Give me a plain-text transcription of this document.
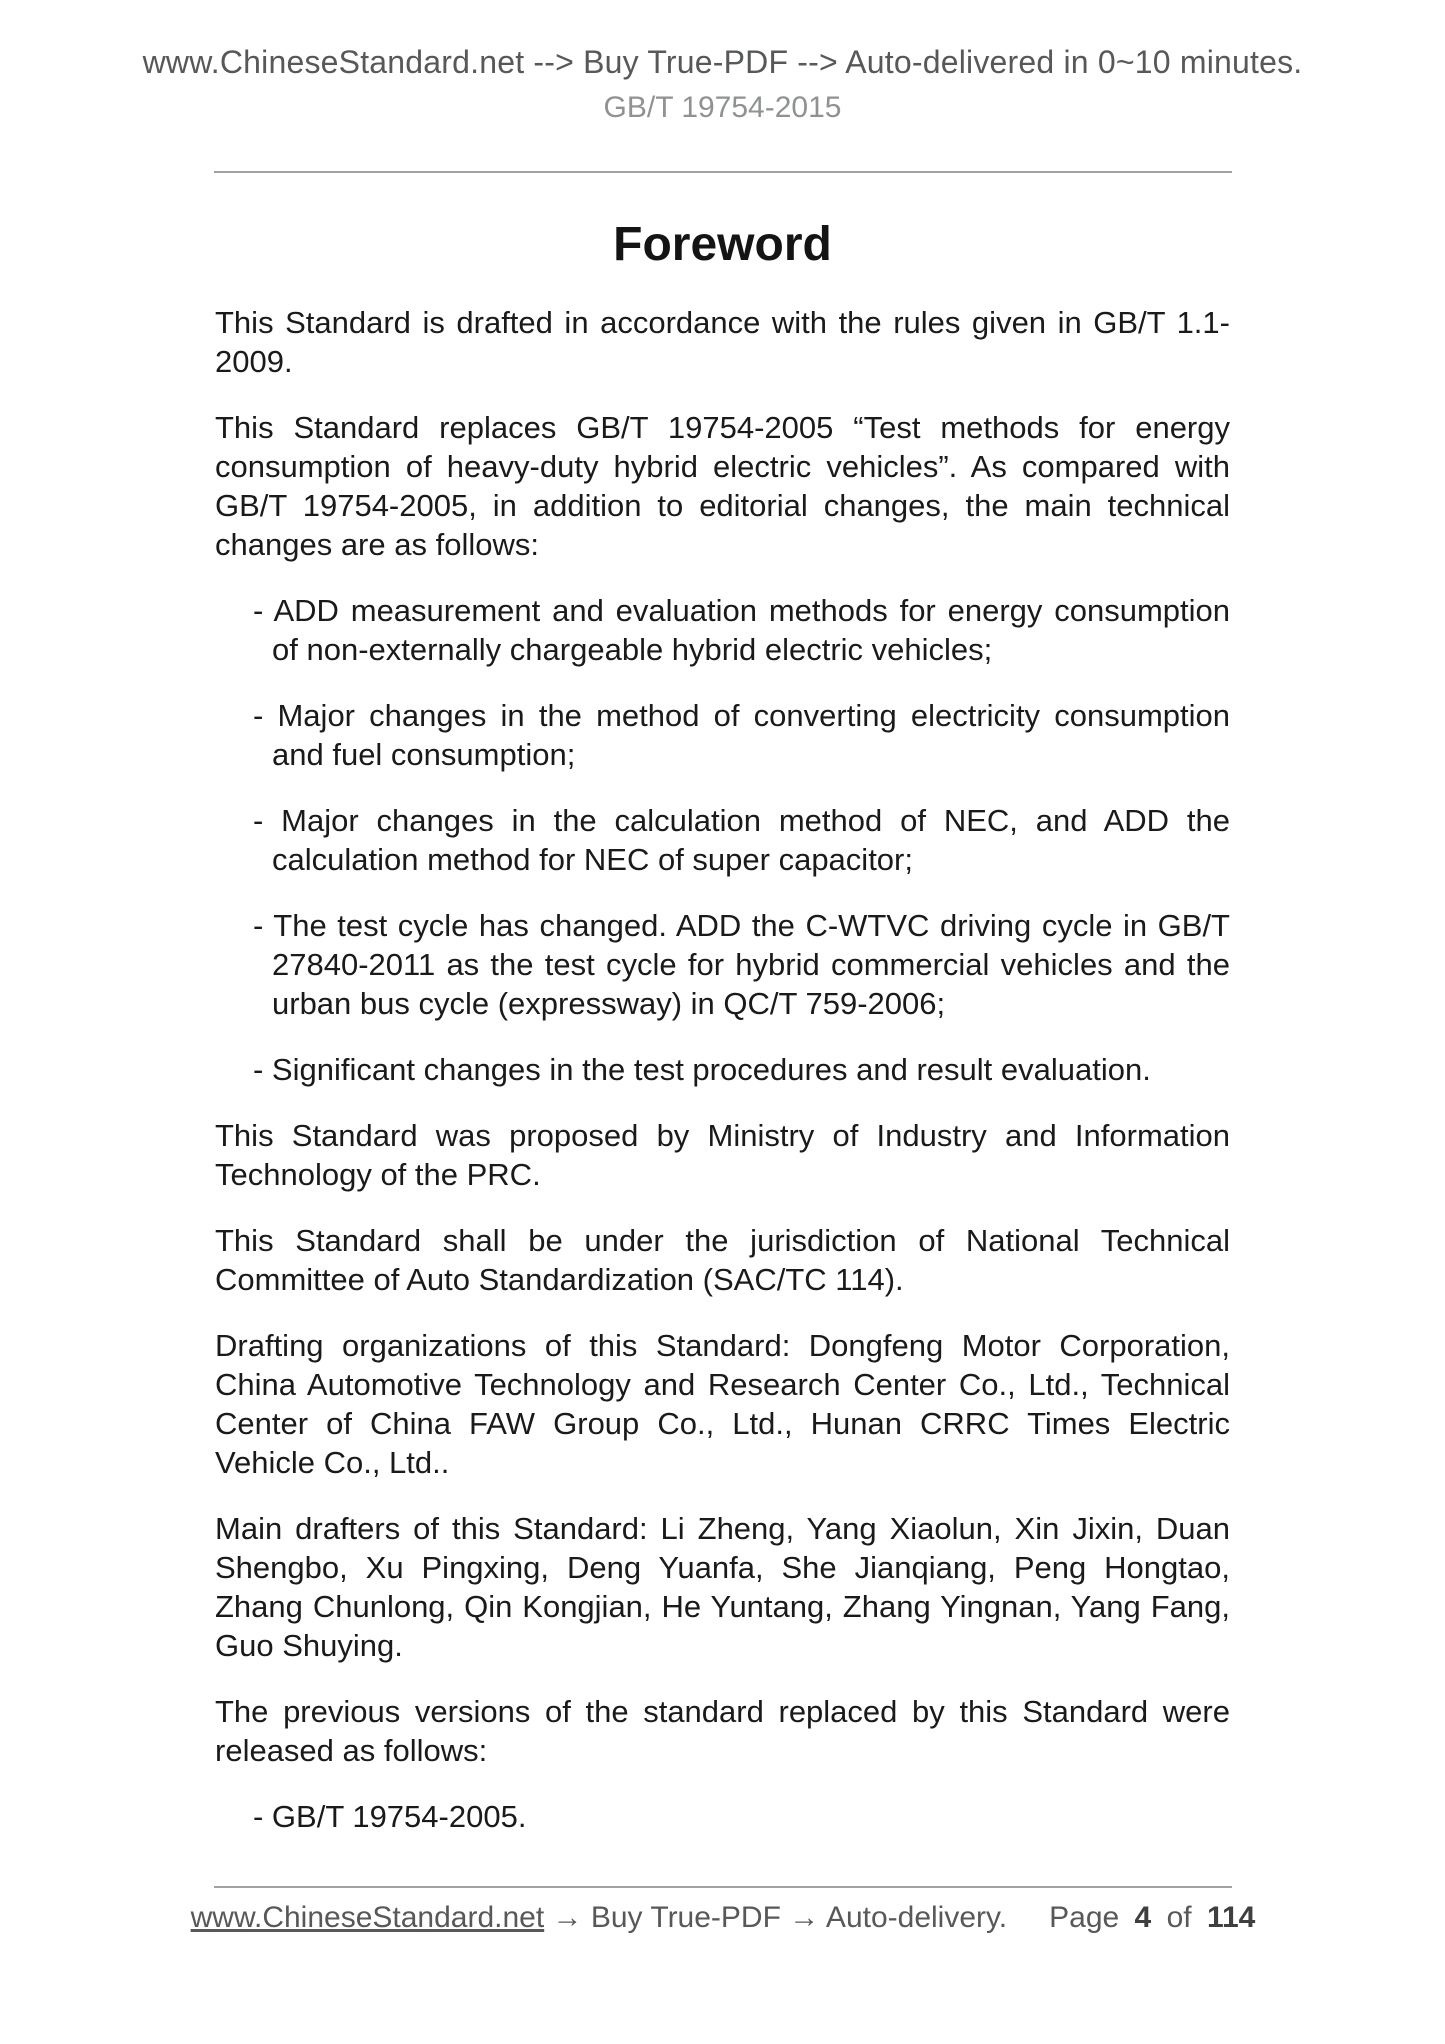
www.ChineseStandard.net --> Buy True-PDF --> Auto-delivered in 0~10 minutes.
GB/T 19754-2015
Foreword

This Standard is drafted in accordance with the rules given in GB/T 1.1-2009.

This Standard replaces GB/T 19754-2005 “Test methods for energy consumption of heavy-duty hybrid electric vehicles”. As compared with GB/T 19754-2005, in addition to editorial changes, the main technical changes are as follows:

- ADD measurement and evaluation methods for energy consumption of non-externally chargeable hybrid electric vehicles;

- Major changes in the method of converting electricity consumption and fuel consumption;

- Major changes in the calculation method of NEC, and ADD the calculation method for NEC of super capacitor;

- The test cycle has changed. ADD the C-WTVC driving cycle in GB/T 27840-2011 as the test cycle for hybrid commercial vehicles and the urban bus cycle (expressway) in QC/T 759-2006;

- Significant changes in the test procedures and result evaluation.

This Standard was proposed by Ministry of Industry and Information Technology of the PRC.

This Standard shall be under the jurisdiction of National Technical Committee of Auto Standardization (SAC/TC 114).

Drafting organizations of this Standard: Dongfeng Motor Corporation, China Automotive Technology and Research Center Co., Ltd., Technical Center of China FAW Group Co., Ltd., Hunan CRRC Times Electric Vehicle Co., Ltd..

Main drafters of this Standard: Li Zheng, Yang Xiaolun, Xin Jixin, Duan Shengbo, Xu Pingxing, Deng Yuanfa, She Jianqiang, Peng Hongtao, Zhang Chunlong, Qin Kongjian, He Yuntang, Zhang Yingnan, Yang Fang, Guo Shuying.

The previous versions of the standard replaced by this Standard were released as follows:

- GB/T 19754-2005.

www.ChineseStandard.net → Buy True-PDF → Auto-delivery. Page 4 of 114
